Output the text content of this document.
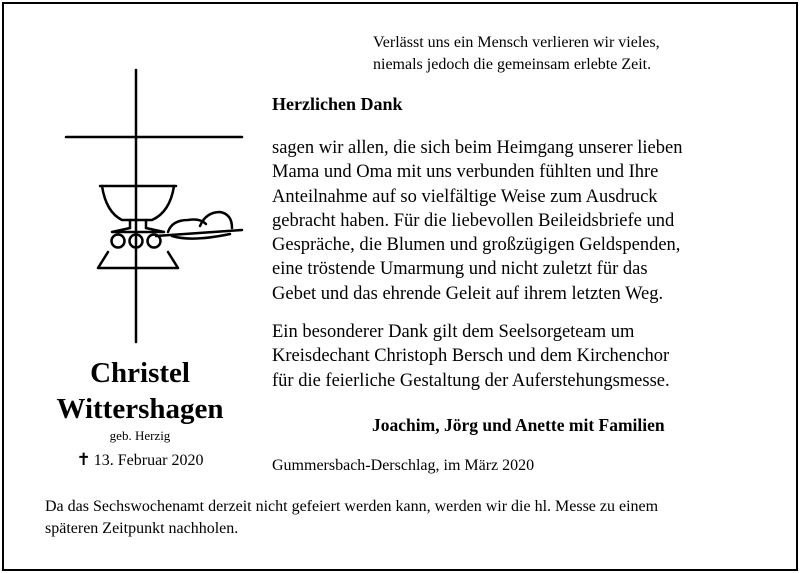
Verlässt uns ein Mensch verlieren wir vieles,
niemals jedoch die gemeinsam erlebte Zeit.

Herzlichen Dank

sagen wir allen, die sich beim Heimgang unserer lieben
Mama und Oma mit uns verbunden fühlten und Ihre
Anteilnahme auf so vielfältige Weise zum Ausdruck
gebracht haben. Für die liebevollen Beileidsbriefe und
Gespräche, die Blumen und großzügigen Geldspenden,
eine tröstende Umarmung und nicht zuletzt für das
Gebet und das ehrende Geleit auf ihrem letzten Weg.

Ein besonderer Dank gilt dem Seelsorgeteam um
Kreisdechant Christoph Bersch und dem Kirchenchor
für die feierliche Gestaltung der Auferstehungsmesse.

Joachim, Jörg und Anette mit Familien

Gummersbach-Derschlag, im März 2020

Christel

Wittershagen

geb. Herzig

✝ 13. Februar 2020

Da das Sechswochenamt derzeit nicht gefeiert werden kann, werden wir die hl. Messe zu einem
späteren Zeitpunkt nachholen.
